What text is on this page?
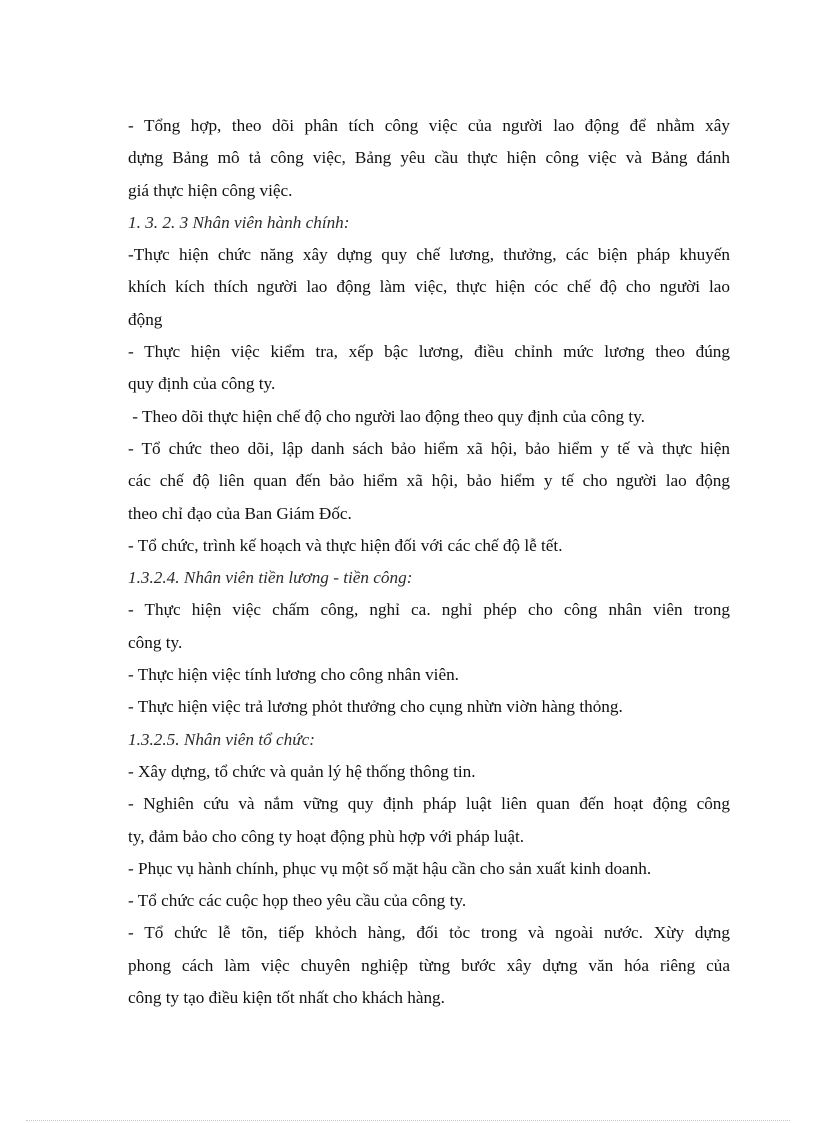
- Tổng hợp, theo dõi phân tích công việc của người lao động để nhằm xây
dựng Bảng mô tả công việc, Bảng yêu cầu thực hiện công việc và Bảng đánh
giá thực hiện công việc.
1. 3. 2. 3 Nhân viên hành chính:
-Thực hiện chức năng xây dựng quy chế lương, thưởng, các biện pháp khuyến
khích kích thích người lao động làm việc, thực hiện cóc chế độ cho người lao
động
- Thực hiện việc kiểm tra, xếp bậc lương, điều chỉnh mức lương theo đúng
quy định của công ty.
- Theo dõi thực hiện chế độ cho người lao động theo quy định của công ty.
- Tổ chức theo dõi, lập danh sách bảo hiểm xã hội, bảo hiểm y tế và thực hiện
các chế độ liên quan đến bảo hiểm xã hội, bảo hiểm y tế cho người lao động
theo chỉ đạo của Ban Giám Đốc.
- Tổ chức, trình kế hoạch và thực hiện đối với các chế độ lễ tết.
1.3.2.4. Nhân viên tiền lương - tiền công:
- Thực hiện việc chấm công, nghỉ ca. nghỉ phép cho công nhân viên trong
công ty.
- Thực hiện việc tính lương cho công nhân viên.
- Thực hiện việc trả lương phỏt thưởng cho cụng nhừn viờn hàng thỏng.
1.3.2.5. Nhân viên tổ chức:
- Xây dựng, tổ chức và quản lý hệ thống thông tin.
- Nghiên cứu và nắm vững quy định pháp luật liên quan đến hoạt động công
ty, đảm bảo cho công ty hoạt động phù hợp với pháp luật.
- Phục vụ hành chính, phục vụ một số mặt hậu cần cho sản xuất kinh doanh.
- Tổ chức các cuộc họp theo yêu cầu của công ty.
- Tổ chức lễ tõn, tiếp khỏch hàng, đối tỏc trong và ngoài nước. Xừy dựng
phong cách làm việc chuyên nghiệp từng bước xây dựng văn hóa riêng của
công ty tạo điều kiện tốt nhất cho khách hàng.
